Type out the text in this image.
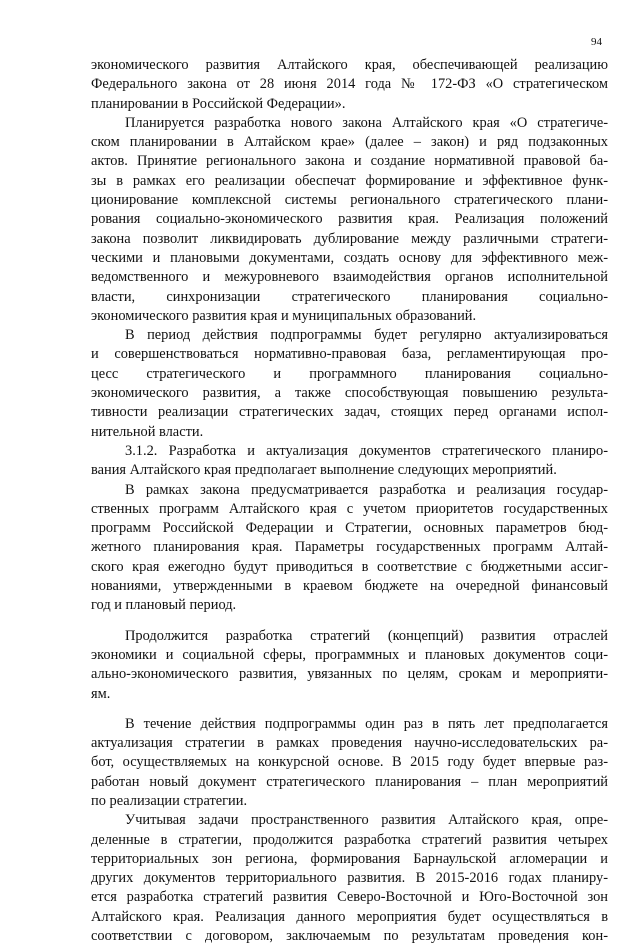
94
экономического развития Алтайского края, обеспечивающей реализацию
Федерального закона от 28 июня 2014 года № 172-ФЗ «О стратегическом
планировании в Российской Федерации».
Планируется разработка нового закона Алтайского края «О стратегиче-
ском планировании в Алтайском крае» (далее – закон) и ряд подзаконных
актов. Принятие регионального закона и создание нормативной правовой ба-
зы в рамках его реализации обеспечат формирование и эффективное функ-
ционирование комплексной системы регионального стратегического плани-
рования социально-экономического развития края. Реализация положений
закона позволит ликвидировать дублирование между различными стратеги-
ческими и плановыми документами, создать основу для эффективного меж-
ведомственного и межуровневого взаимодействия органов исполнительной
власти, синхронизации стратегического планирования социально-
экономического развития края и муниципальных образований.
В период действия подпрограммы будет регулярно актуализироваться
и совершенствоваться нормативно-правовая база, регламентирующая про-
цесс стратегического и программного планирования социально-
экономического развития, а также способствующая повышению результа-
тивности реализации стратегических задач, стоящих перед органами испол-
нительной власти.
3.1.2. Разработка и актуализация документов стратегического планиро-
вания Алтайского края предполагает выполнение следующих мероприятий.
В рамках закона предусматривается разработка и реализация государ-
ственных программ Алтайского края с учетом приоритетов государственных
программ Российской Федерации и Стратегии, основных параметров бюд-
жетного планирования края. Параметры государственных программ Алтай-
ского края ежегодно будут приводиться в соответствие с бюджетными ассиг-
нованиями, утвержденными в краевом бюджете на очередной финансовый
год и плановый период.
Продолжится разработка стратегий (концепций) развития отраслей
экономики и социальной сферы, программных и плановых документов соци-
ально-экономического развития, увязанных по целям, срокам и мероприяти-
ям.
В течение действия подпрограммы один раз в пять лет предполагается
актуализация стратегии в рамках проведения научно-исследовательских ра-
бот, осуществляемых на конкурсной основе. В 2015 году будет впервые раз-
работан новый документ стратегического планирования – план мероприятий
по реализации стратегии.
Учитывая задачи пространственного развития Алтайского края, опре-
деленные в стратегии, продолжится разработка стратегий развития четырех
территориальных зон региона, формирования Барнаульской агломерации и
других документов территориального развития. В 2015-2016 годах планиру-
ется разработка стратегий развития Северо-Восточной и Юго-Восточной зон
Алтайского края. Реализация данного мероприятия будет осуществляться в
соответствии с договором, заключаемым по результатам проведения кон-
